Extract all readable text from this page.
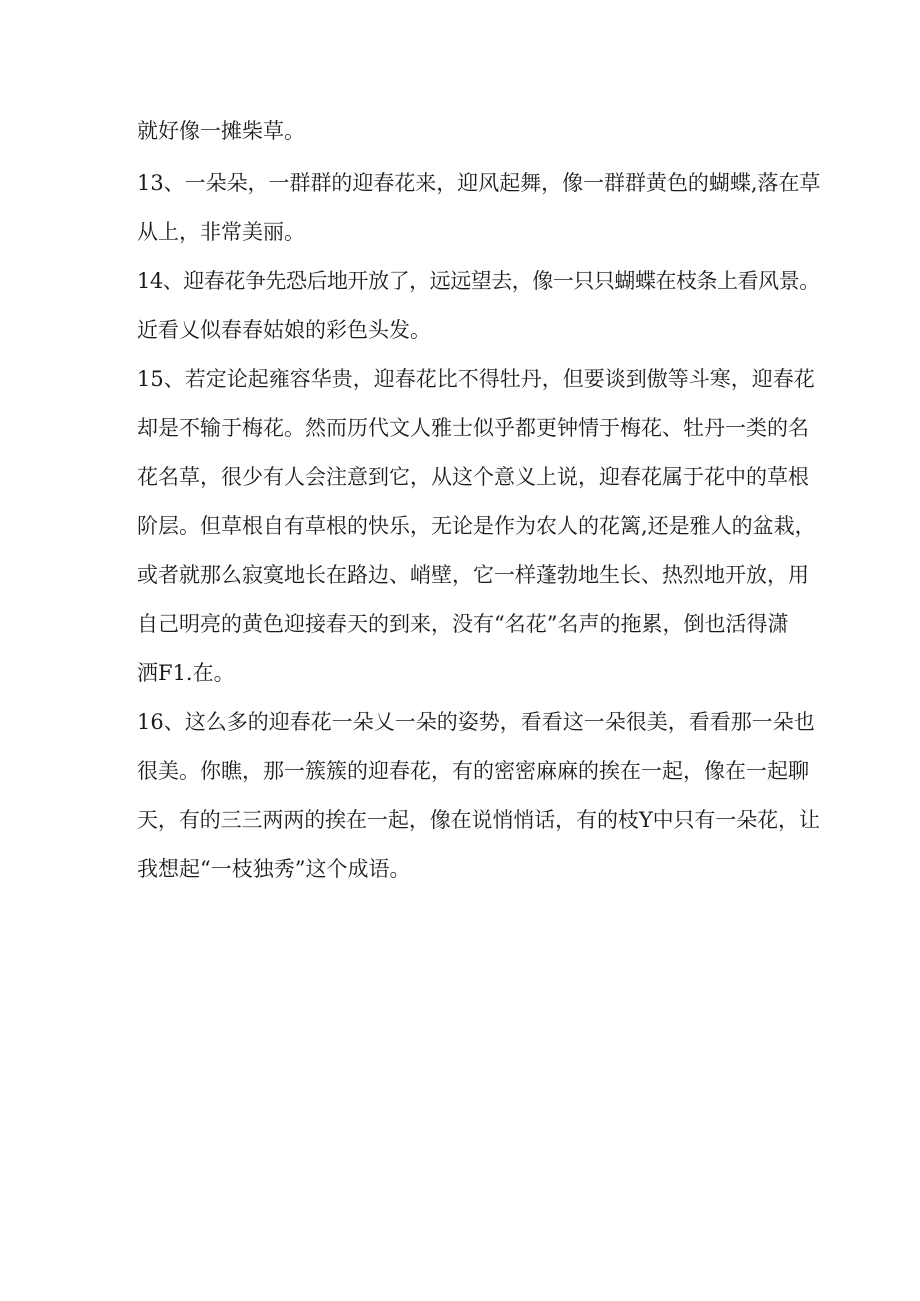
就好像一摊柴草。
13、一朵朵，一群群的迎春花来，迎风起舞，像一群群黄色的蝴蝶,落在草
从上，非常美丽。
14、迎春花争先恐后地开放了，远远望去，像一只只蝴蝶在枝条上看风景。
近看乂似春春姑娘的彩色头发。
15、若定论起雍容华贵，迎春花比不得牡丹，但要谈到傲等斗寒，迎春花
却是不输于梅花。然而历代文人雅士似乎都更钟情于梅花、牡丹一类的名
花名草，很少有人会注意到它，从这个意义上说，迎春花属于花中的草根
阶层。但草根自有草根的快乐，无论是作为农人的花篱,还是雅人的盆栽，
或者就那么寂寞地长在路边、峭壁，它一样蓬勃地生长、热烈地开放，用
自己明亮的黄色迎接春天的到来，没有“名花”名声的拖累，倒也活得潇
洒F1.在。
16、这么多的迎春花一朵乂一朵的姿势，看看这一朵很美，看看那一朵也
很美。你瞧，那一簇簇的迎春花，有的密密麻麻的挨在一起，像在一起聊
天，有的三三两两的挨在一起，像在说悄悄话，有的枝Y中只有一朵花，让
我想起“一枝独秀”这个成语。
